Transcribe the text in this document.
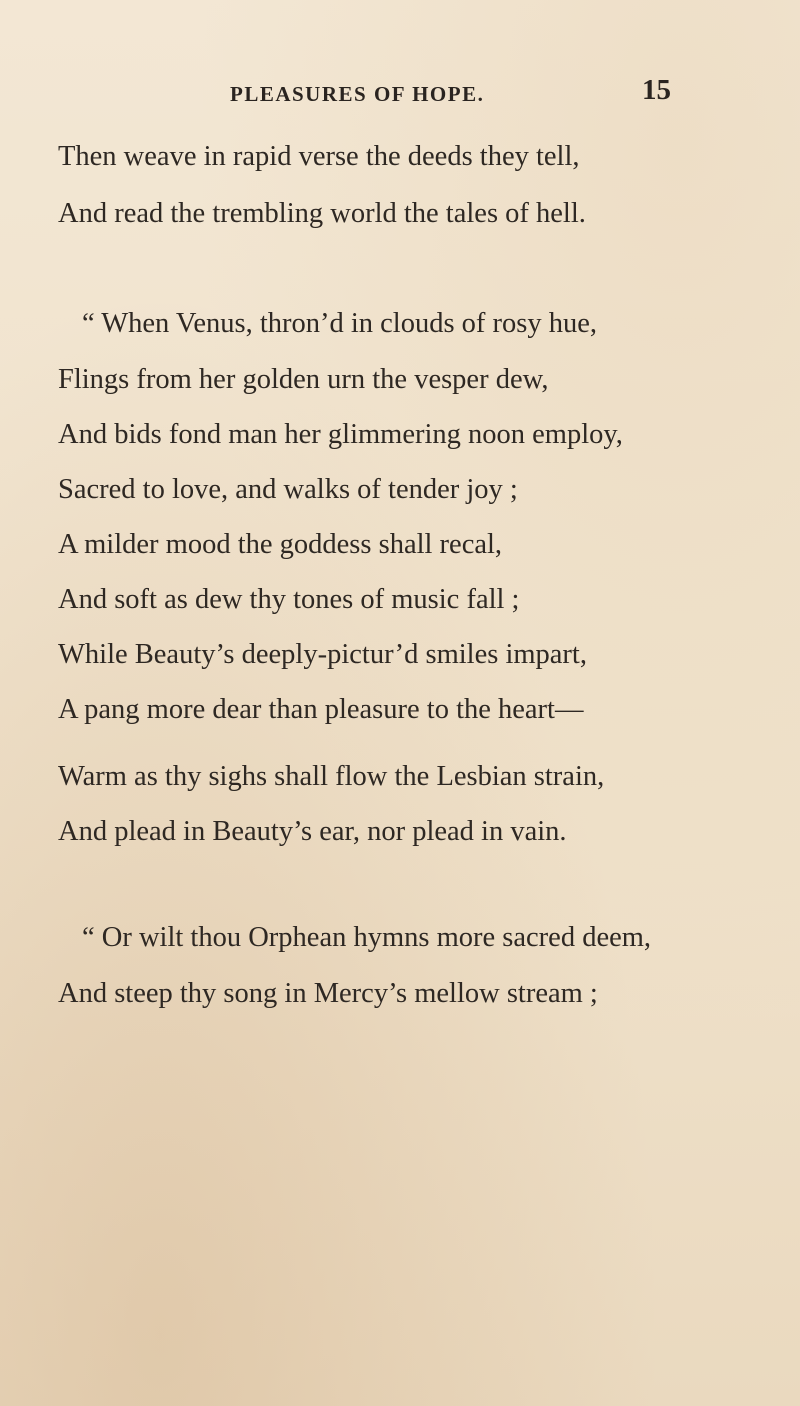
PLEASURES OF HOPE.	15
Then weave in rapid verse the deeds they tell,
And read the trembling world the tales of hell.
“ When Venus, thron’d in clouds of rosy hue,
Flings from her golden urn the vesper dew,
And bids fond man her glimmering noon employ,
Sacred to love, and walks of tender joy ;
A milder mood the goddess shall recal,
And soft as dew thy tones of music fall ;
While Beauty’s deeply-pictur’d smiles impart,
A pang more dear than pleasure to the heart—
Warm as thy sighs shall flow the Lesbian strain,
And plead in Beauty’s ear, nor plead in vain.
“ Or wilt thou Orphean hymns more sacred deem,
And steep thy song in Mercy’s mellow stream ;
